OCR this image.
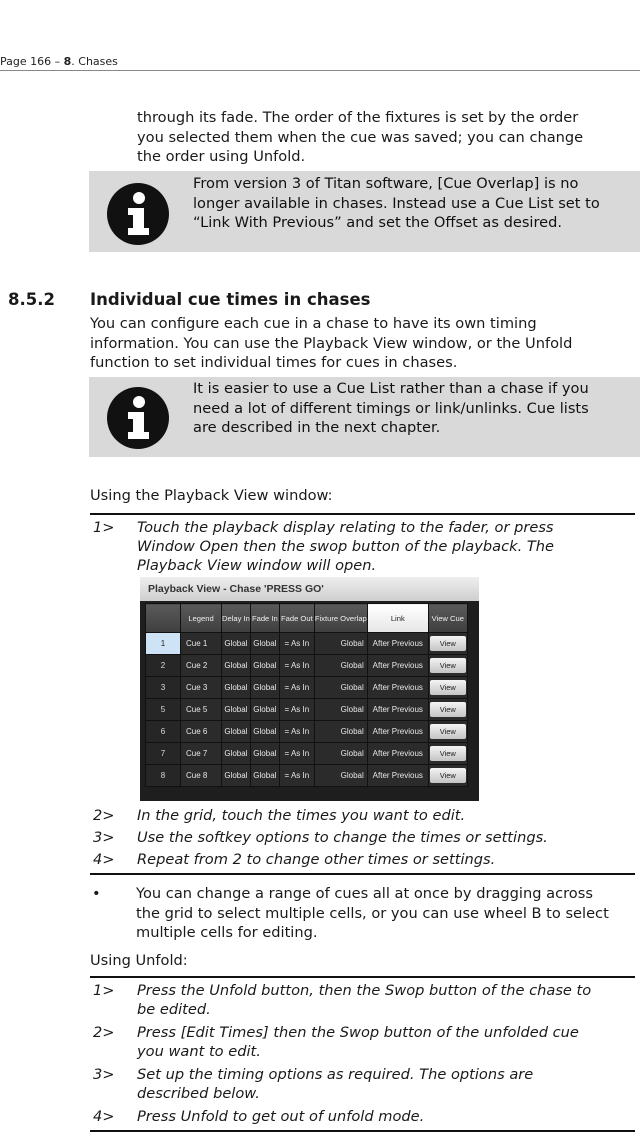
Page 166 – 8. Chases
through its fade. The order of the fixtures is set by the order
you selected them when the cue was saved; you can change
the order using Unfold.
From version 3 of Titan software, [Cue Overlap] is no
longer available in chases. Instead use a Cue List set to
“Link With Previous” and set the Offset as desired.
8.5.2 Individual cue times in chases
You can configure each cue in a chase to have its own timing
information. You can use the Playback View window, or the Unfold
function to set individual times for cues in chases.
It is easier to use a Cue List rather than a chase if you
need a lot of different timings or link/unlinks. Cue lists
are described in the next chapter.
Using the Playback View window:
1> Touch the playback display relating to the fader, or press
Window Open then the swop button of the playback. The
Playback View window will open.
Playback View - Chase 'PRESS GO'
	Legend	Delay In	Fade In	Fade Out	Fixture Overlap	Link	View Cue
1	Cue 1	Global	Global	= As In	Global	After Previous	View
2	Cue 2	Global	Global	= As In	Global	After Previous	View
3	Cue 3	Global	Global	= As In	Global	After Previous	View
5	Cue 5	Global	Global	= As In	Global	After Previous	View
6	Cue 6	Global	Global	= As In	Global	After Previous	View
7	Cue 7	Global	Global	= As In	Global	After Previous	View
8	Cue 8	Global	Global	= As In	Global	After Previous	View
2> In the grid, touch the times you want to edit.
3> Use the softkey options to change the times or settings.
4> Repeat from 2 to change other times or settings.
• You can change a range of cues all at once by dragging across
the grid to select multiple cells, or you can use wheel B to select
multiple cells for editing.
Using Unfold:
1> Press the Unfold button, then the Swop button of the chase to
be edited.
2> Press [Edit Times] then the Swop button of the unfolded cue
you want to edit.
3> Set up the timing options as required. The options are
described below.
4> Press Unfold to get out of unfold mode.
